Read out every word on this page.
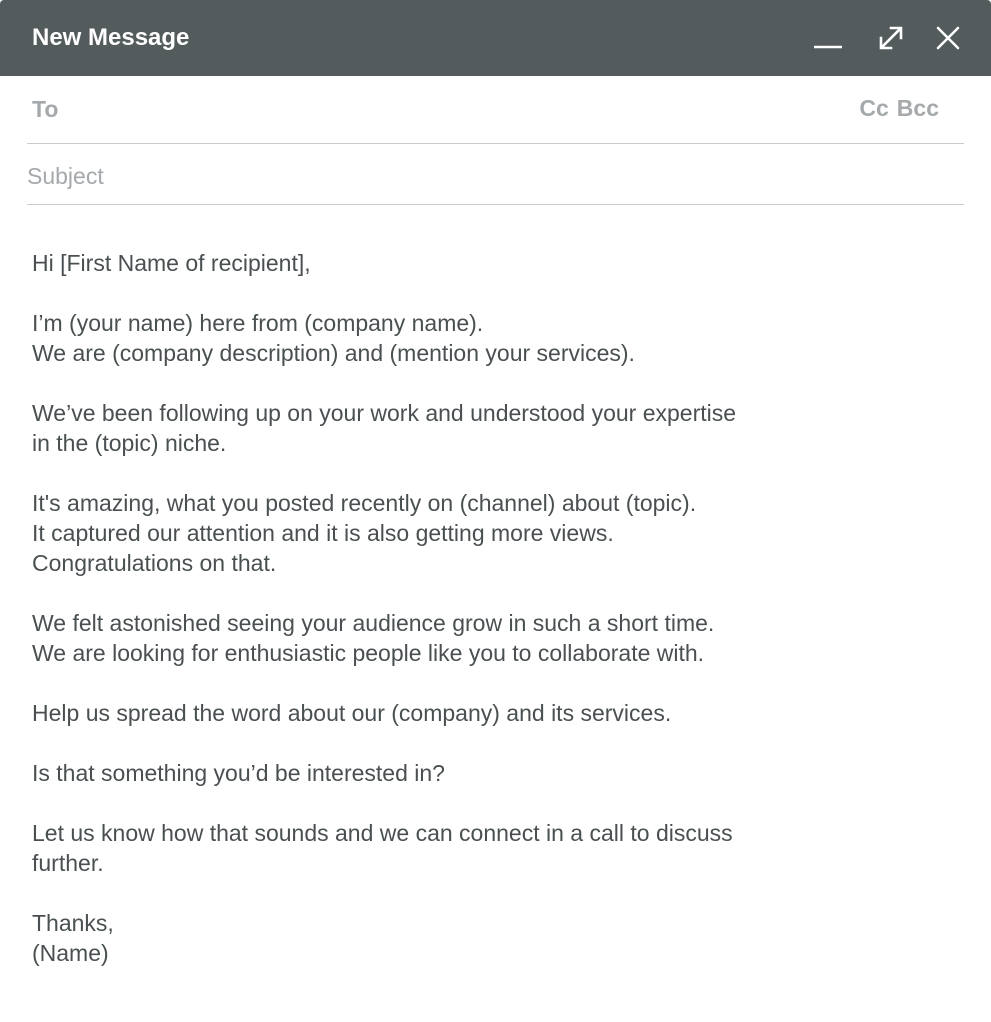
New Message
To
Cc Bcc
Subject
Hi [First Name of recipient],
I’m (your name) here from (company name).
We are (company description) and (mention your services).
We’ve been following up on your work and understood your expertise
in the (topic) niche.
It's amazing, what you posted recently on (channel) about (topic).
It captured our attention and it is also getting more views.
Congratulations on that.
We felt astonished seeing your audience grow in such a short time.
We are looking for enthusiastic people like you to collaborate with.
Help us spread the word about our (company) and its services.
Is that something you’d be interested in?
Let us know how that sounds and we can connect in a call to discuss
further.
Thanks,
(Name)
